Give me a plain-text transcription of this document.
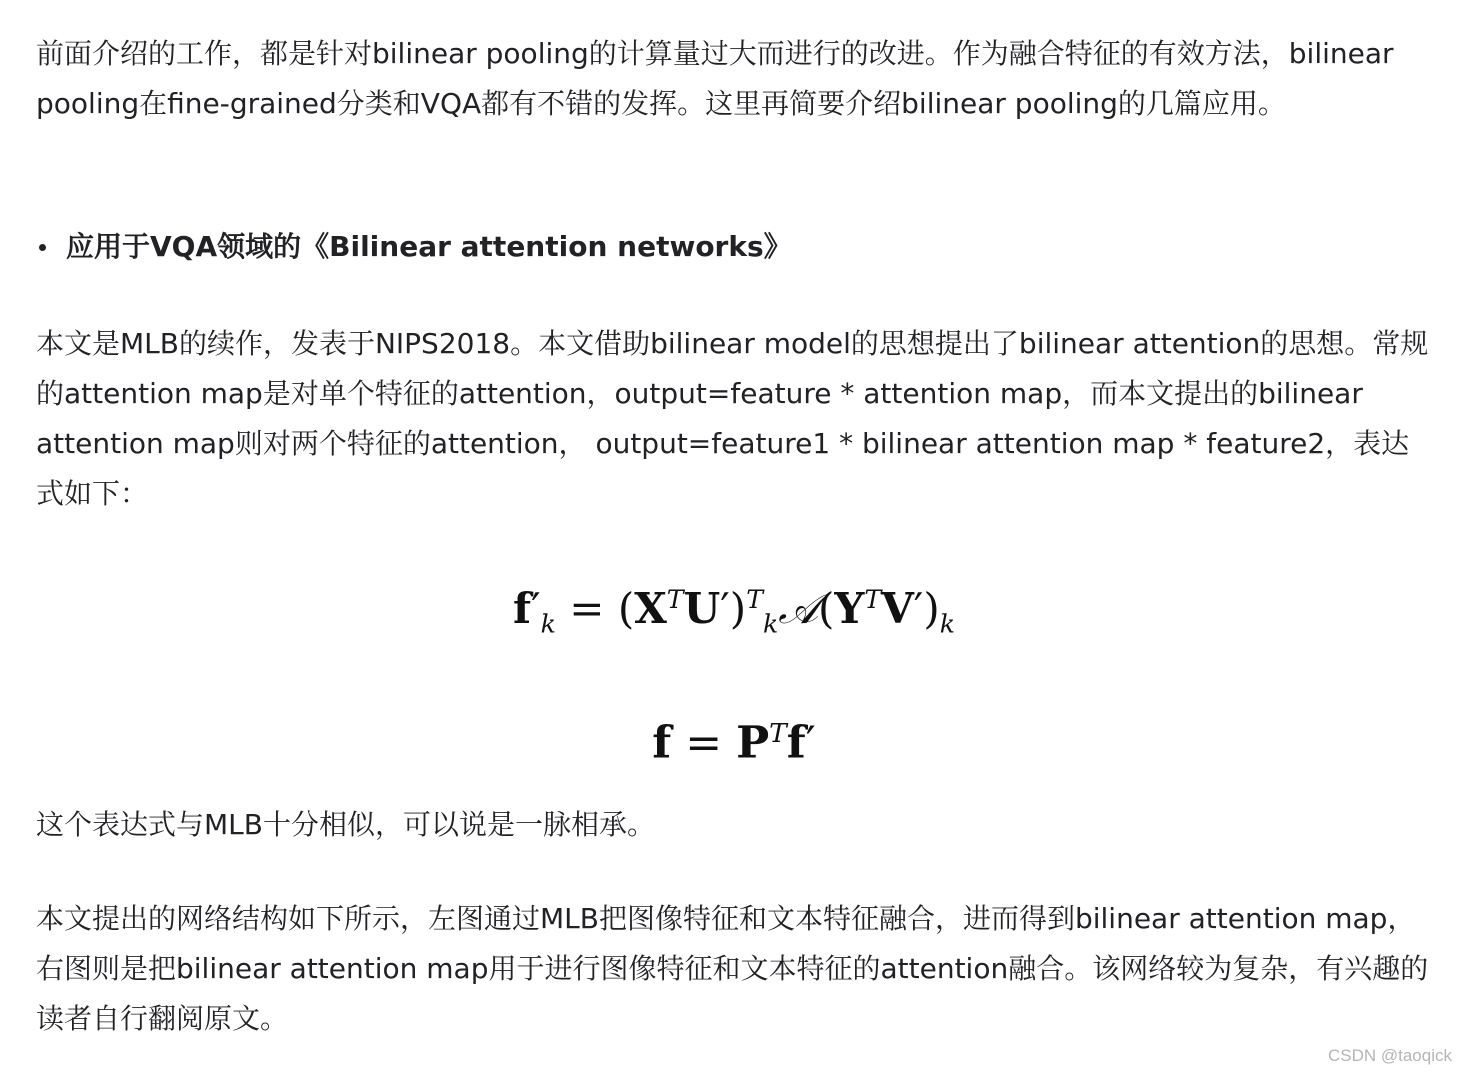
前面介绍的工作，都是针对bilinear pooling的计算量过大而进行的改进。作为融合特征的有效方法，bilinear pooling在fine-grained分类和VQA都有不错的发挥。这里再简要介绍bilinear pooling的几篇应用。

应用于VQA领域的《Bilinear attention networks》

本文是MLB的续作，发表于NIPS2018。本文借助bilinear model的思想提出了bilinear attention的思想。常规的attention map是对单个特征的attention，output=feature * attention map，而本文提出的bilinear attention map则对两个特征的attention， output=feature1 * bilinear attention map * feature2，表达式如下：

$f'_k$ = $(X^TU')^T_k𝒜(Y^TV')_k$
$f = P^Tf'$

这个表达式与MLB十分相似，可以说是一脉相承。

本文提出的网络结构如下所示，左图通过MLB把图像特征和文本特征融合，进而得到bilinear attention map，右图则是把bilinear attention map用于进行图像特征和文本特征的attention融合。该网络较为复杂，有兴趣的读者自行翻阅原文。

CSDN @taoqick
